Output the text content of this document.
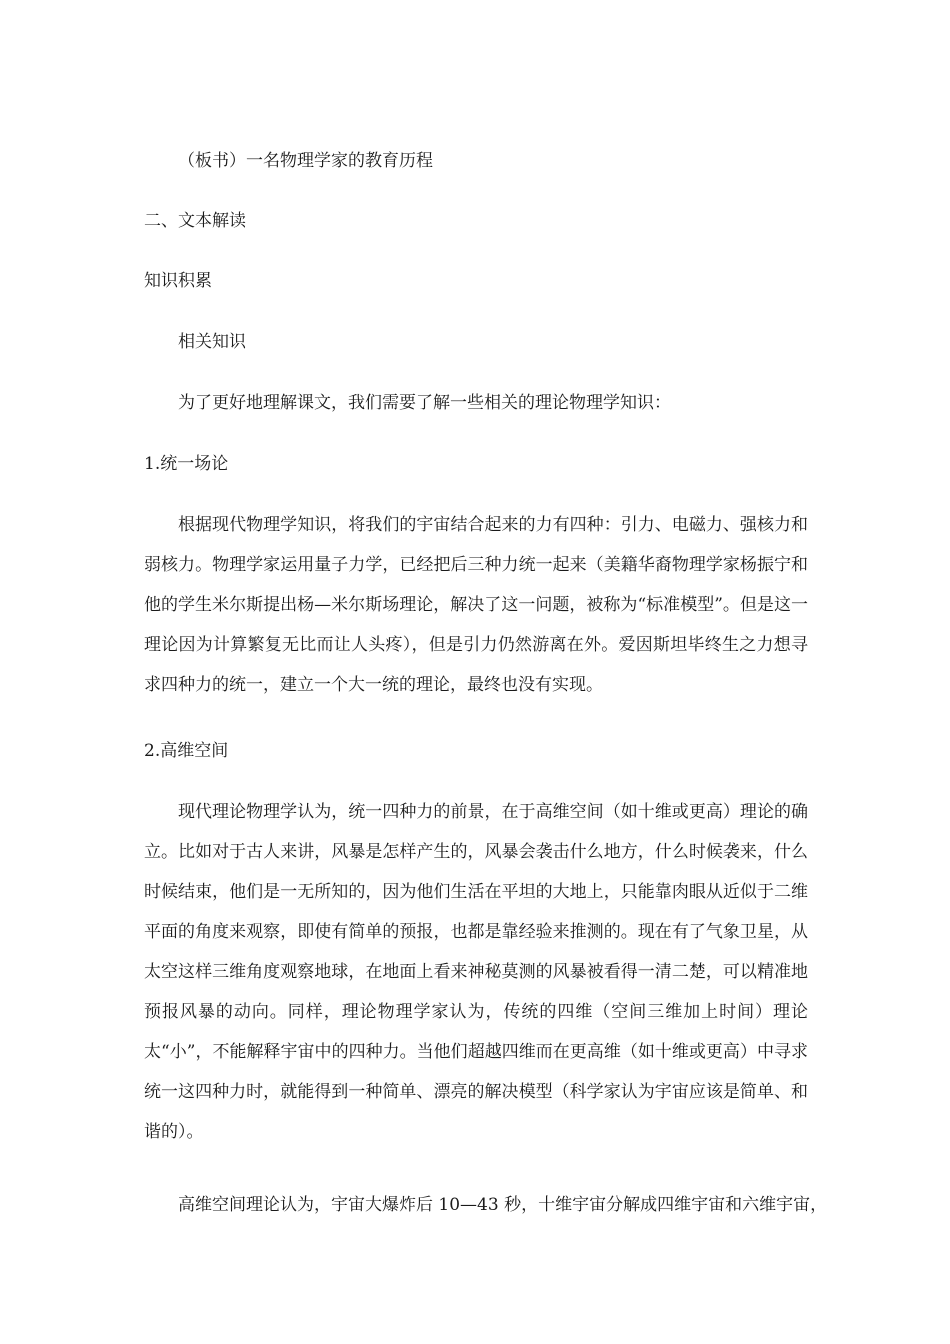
（板书）一名物理学家的教育历程
二、文本解读
知识积累
相关知识
为了更好地理解课文，我们需要了解一些相关的理论物理学知识：
1.统一场论
根据现代物理学知识，将我们的宇宙结合起来的力有四种：引力、电磁力、强核力和弱核力。物理学家运用量子力学，已经把后三种力统一起来（美籍华裔物理学家杨振宁和他的学生米尔斯提出杨—米尔斯场理论，解决了这一问题，被称为“标准模型”。但是这一理论因为计算繁复无比而让人头疼），但是引力仍然游离在外。爱因斯坦毕终生之力想寻求四种力的统一，建立一个大一统的理论，最终也没有实现。
2.高维空间
现代理论物理学认为，统一四种力的前景，在于高维空间（如十维或更高）理论的确立。比如对于古人来讲，风暴是怎样产生的，风暴会袭击什么地方，什么时候袭来，什么时候结束，他们是一无所知的，因为他们生活在平坦的大地上，只能靠肉眼从近似于二维平面的角度来观察，即使有简单的预报，也都是靠经验来推测的。现在有了气象卫星，从太空这样三维角度观察地球，在地面上看来神秘莫测的风暴被看得一清二楚，可以精准地预报风暴的动向。同样，理论物理学家认为，传统的四维（空间三维加上时间）理论太“小”，不能解释宇宙中的四种力。当他们超越四维而在更高维（如十维或更高）中寻求统一这四种力时，就能得到一种简单、漂亮的解决模型（科学家认为宇宙应该是简单、和谐的）。
高维空间理论认为，宇宙大爆炸后 10—43 秒，十维宇宙分解成四维宇宙和六维宇宙，
